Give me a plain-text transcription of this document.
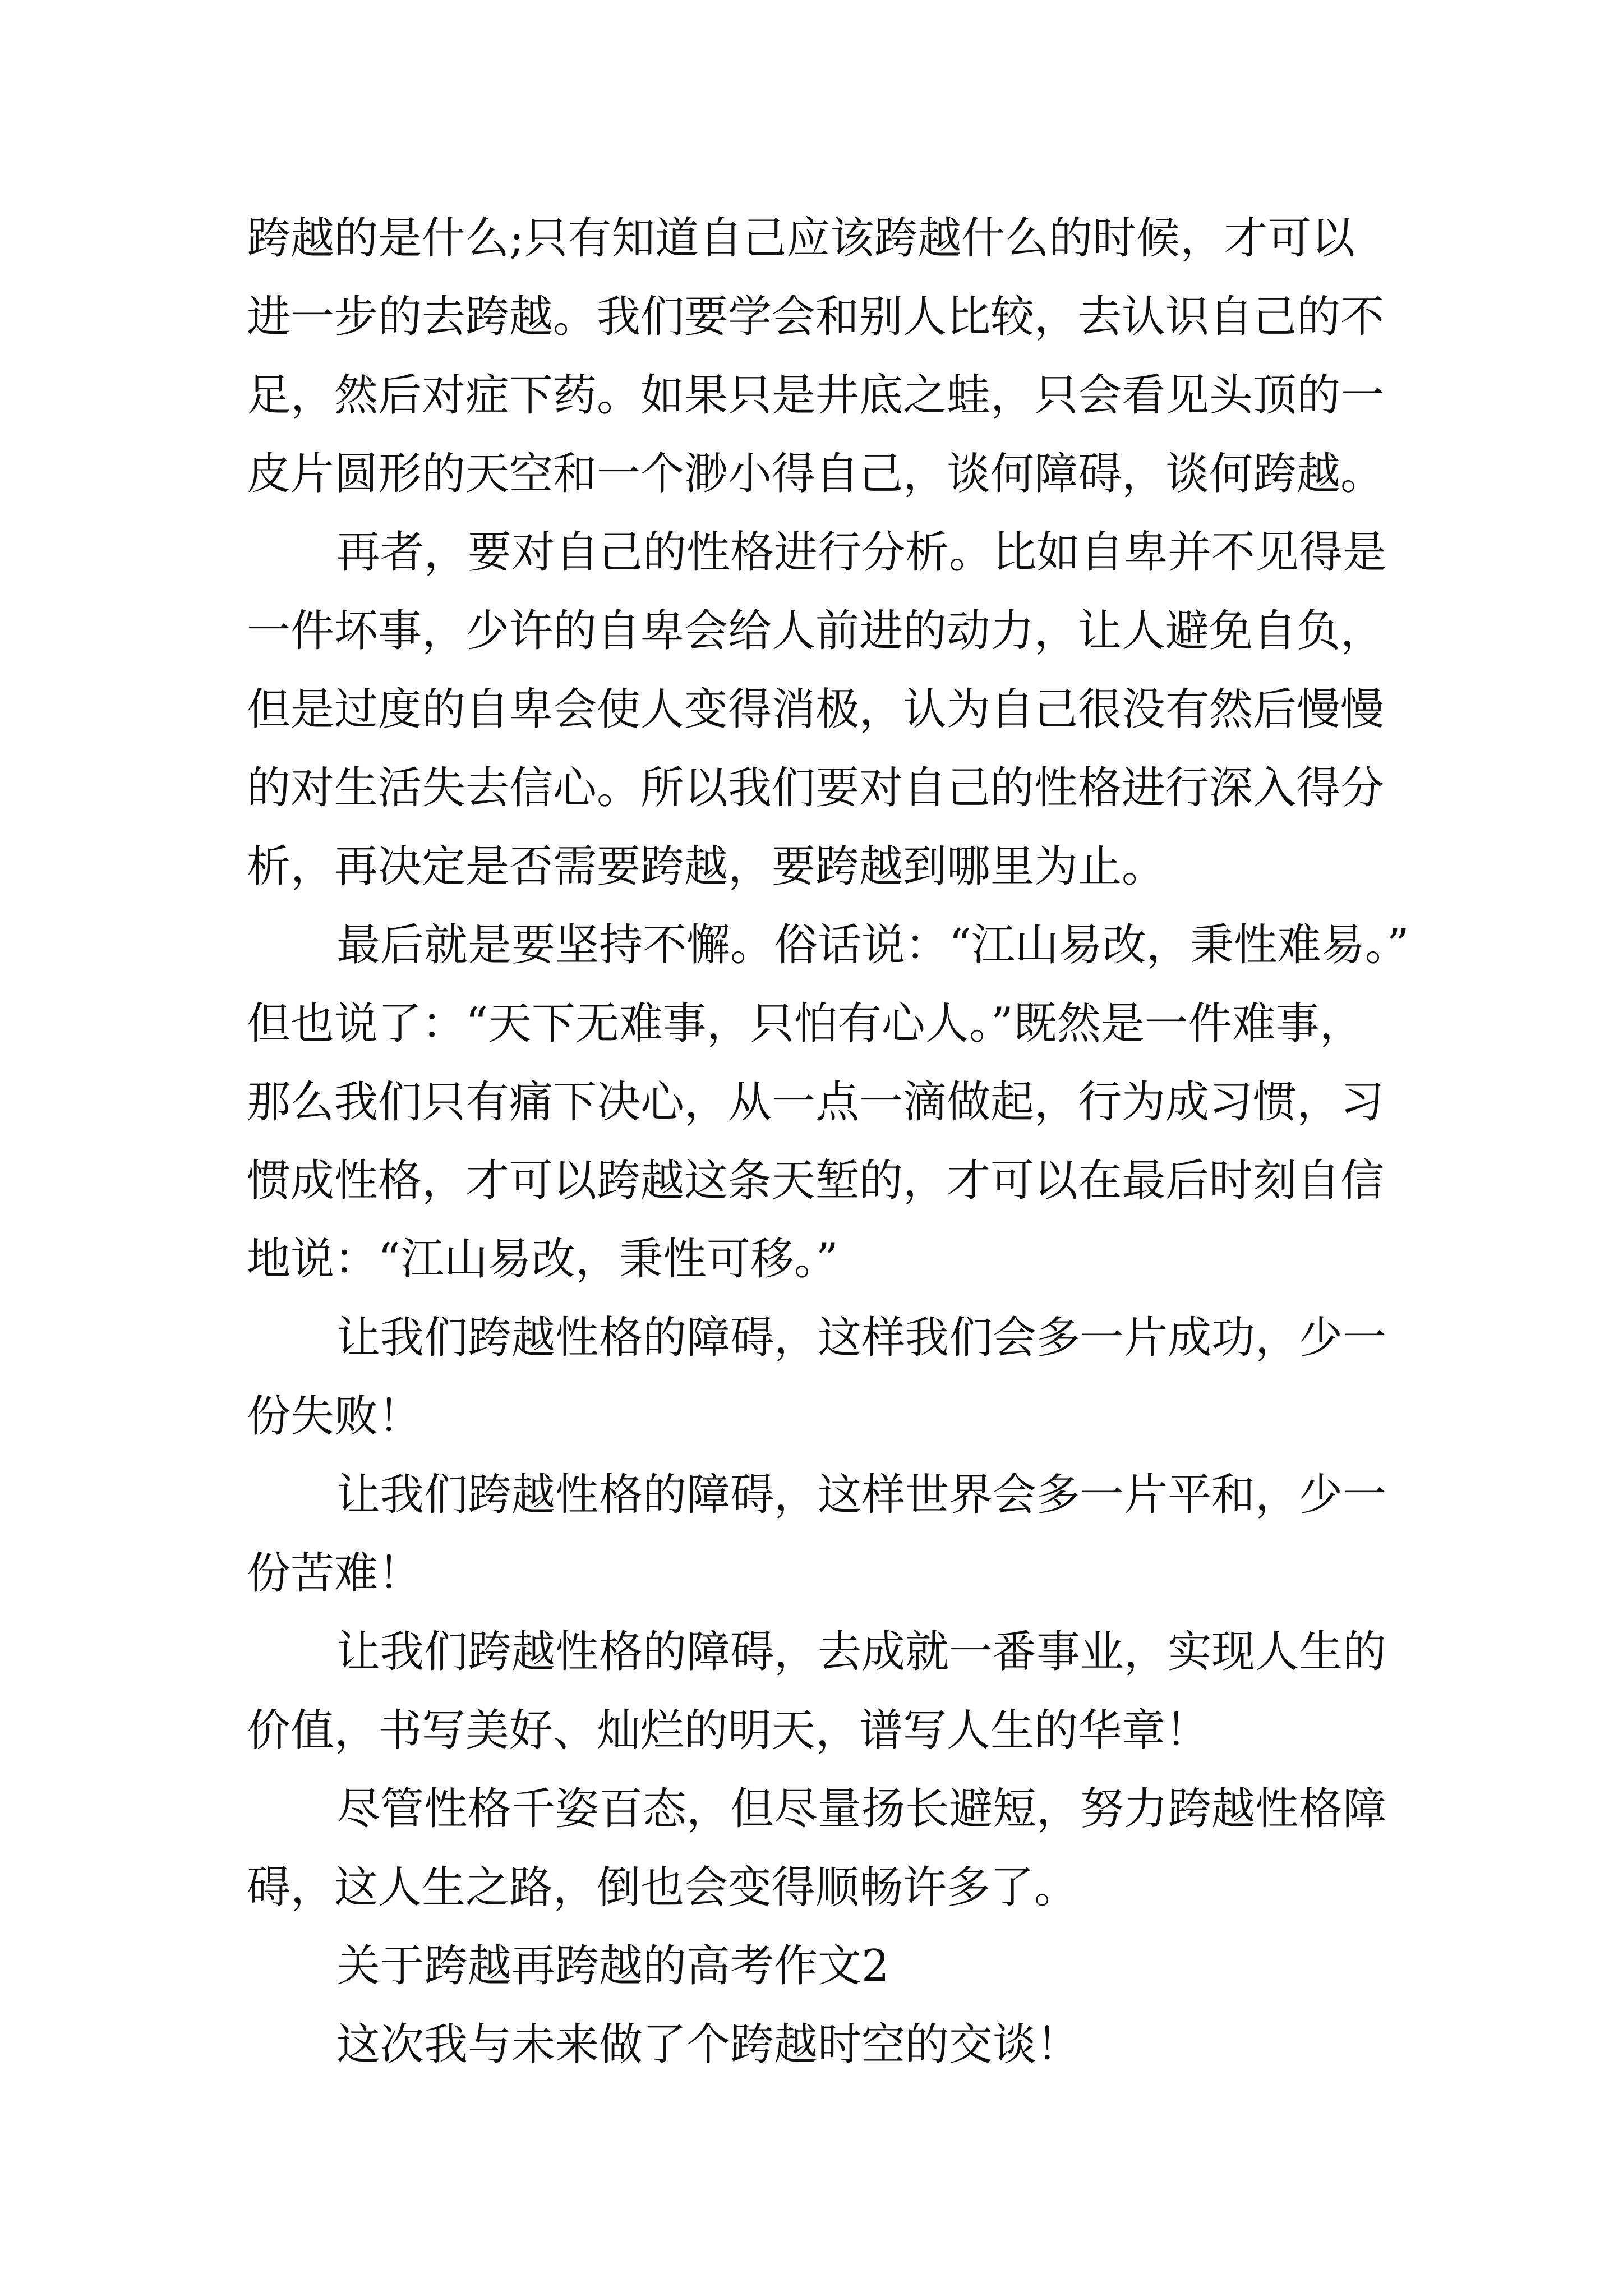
跨越的是什么;只有知道自己应该跨越什么的时候，才可以

进一步的去跨越。我们要学会和别人比较，去认识自己的不

足，然后对症下药。如果只是井底之蛙，只会看见头顶的一

皮片圆形的天空和一个渺小得自己，谈何障碍，谈何跨越。

再者，要对自己的性格进行分析。比如自卑并不见得是

一件坏事，少许的自卑会给人前进的动力，让人避免自负，

但是过度的自卑会使人变得消极，认为自己很没有然后慢慢

的对生活失去信心。所以我们要对自己的性格进行深入得分

析，再决定是否需要跨越，要跨越到哪里为止。

最后就是要坚持不懈。俗话说：“江山易改，秉性难易。”

但也说了：“天下无难事，只怕有心人。”既然是一件难事，

那么我们只有痛下决心，从一点一滴做起，行为成习惯，习

惯成性格，才可以跨越这条天堑的，才可以在最后时刻自信

地说：“江山易改，秉性可移。”

让我们跨越性格的障碍，这样我们会多一片成功，少一

份失败！

让我们跨越性格的障碍，这样世界会多一片平和，少一

份苦难！

让我们跨越性格的障碍，去成就一番事业，实现人生的

价值，书写美好、灿烂的明天，谱写人生的华章！

尽管性格千姿百态，但尽量扬长避短，努力跨越性格障

碍，这人生之路，倒也会变得顺畅许多了。

关于跨越再跨越的高考作文2

这次我与未来做了个跨越时空的交谈！
